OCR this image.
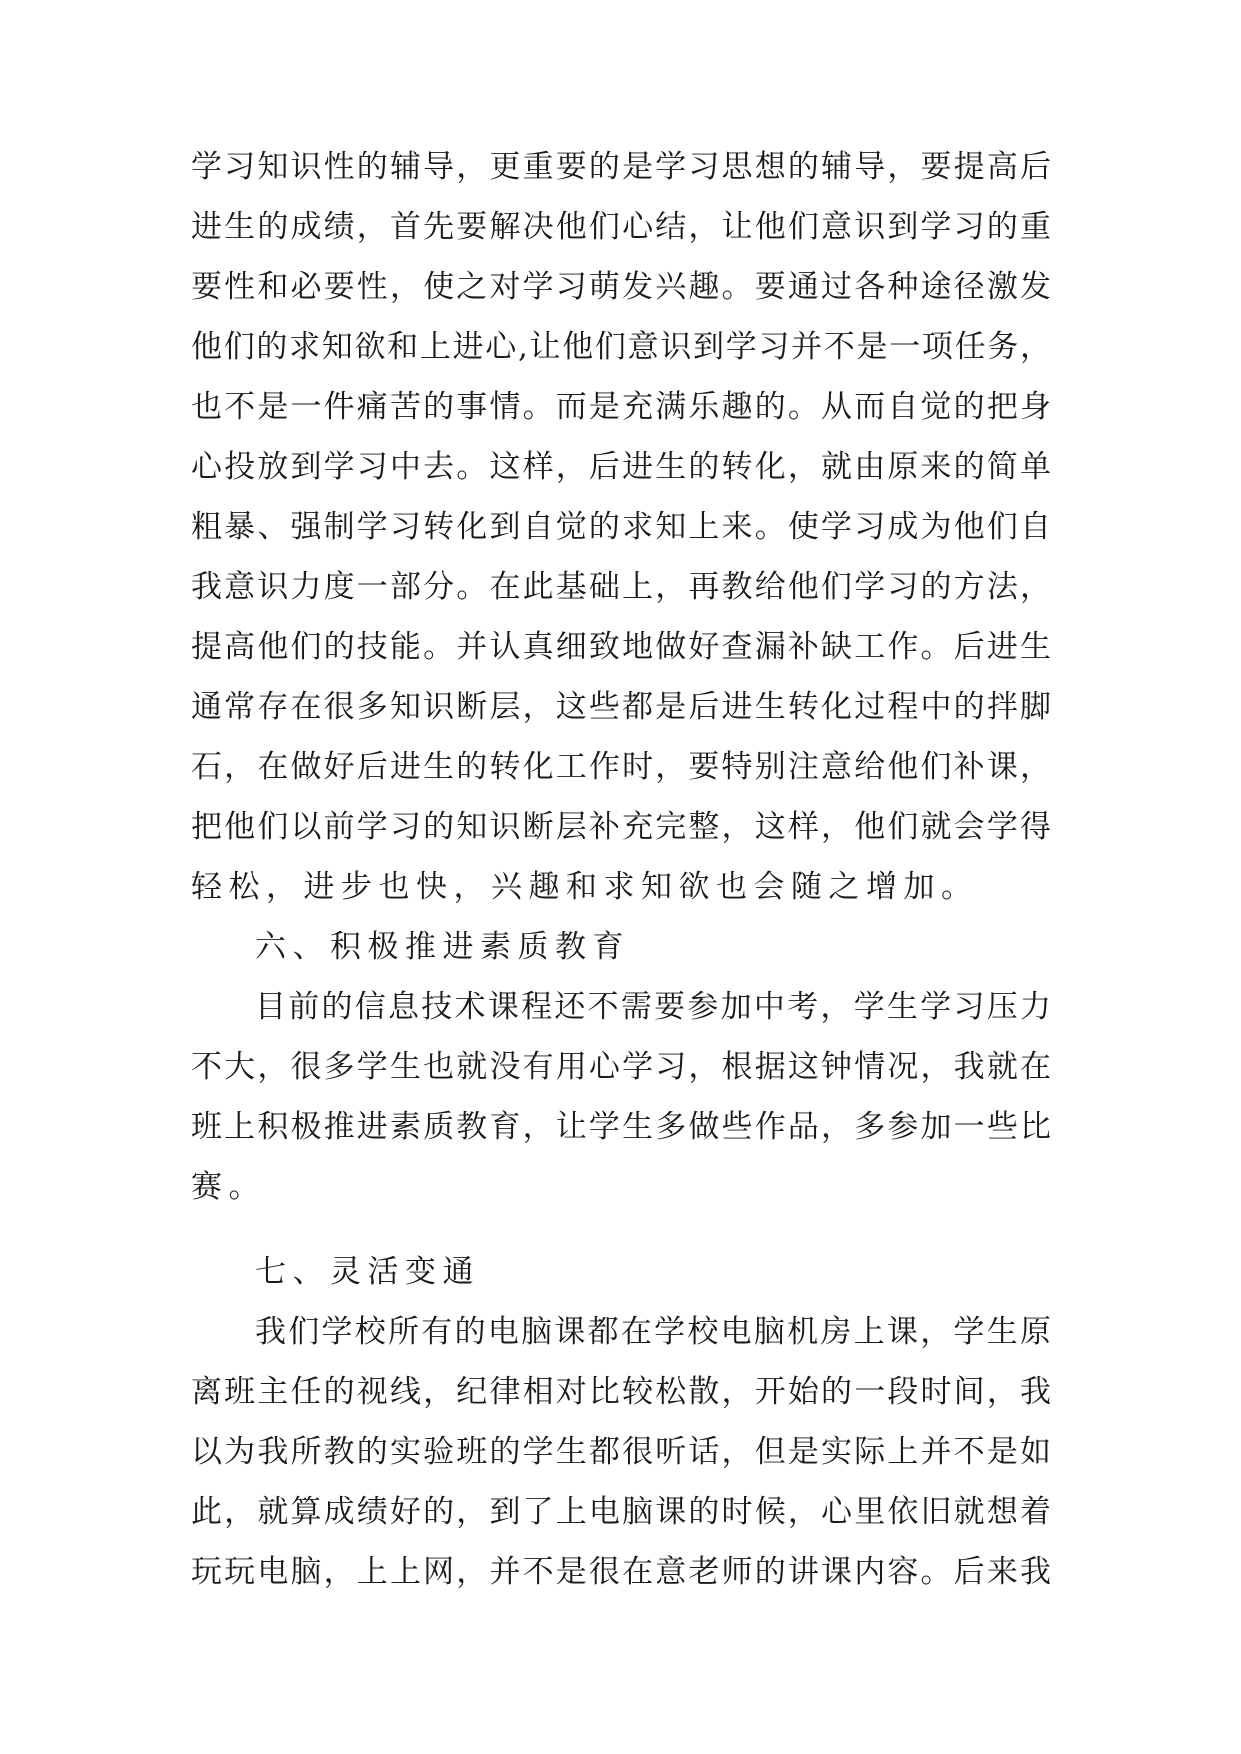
学习知识性的辅导，更重要的是学习思想的辅导，要提高后
进生的成绩，首先要解决他们心结，让他们意识到学习的重
要性和必要性，使之对学习萌发兴趣。要通过各种途径激发
他们的求知欲和上进心,让他们意识到学习并不是一项任务，
也不是一件痛苦的事情。而是充满乐趣的。从而自觉的把身
心投放到学习中去。这样，后进生的转化，就由原来的简单
粗暴、强制学习转化到自觉的求知上来。使学习成为他们自
我意识力度一部分。在此基础上，再教给他们学习的方法，
提高他们的技能。并认真细致地做好查漏补缺工作。后进生
通常存在很多知识断层，这些都是后进生转化过程中的拌脚
石，在做好后进生的转化工作时，要特别注意给他们补课，
把他们以前学习的知识断层补充完整，这样，他们就会学得
轻松，进步也快，兴趣和求知欲也会随之增加。
六、积极推进素质教育
目前的信息技术课程还不需要参加中考，学生学习压力
不大，很多学生也就没有用心学习，根据这钟情况，我就在
班上积极推进素质教育，让学生多做些作品，多参加一些比
赛。
七、灵活变通
我们学校所有的电脑课都在学校电脑机房上课，学生原
离班主任的视线，纪律相对比较松散，开始的一段时间，我
以为我所教的实验班的学生都很听话，但是实际上并不是如
此，就算成绩好的，到了上电脑课的时候，心里依旧就想着
玩玩电脑，上上网，并不是很在意老师的讲课内容。后来我
